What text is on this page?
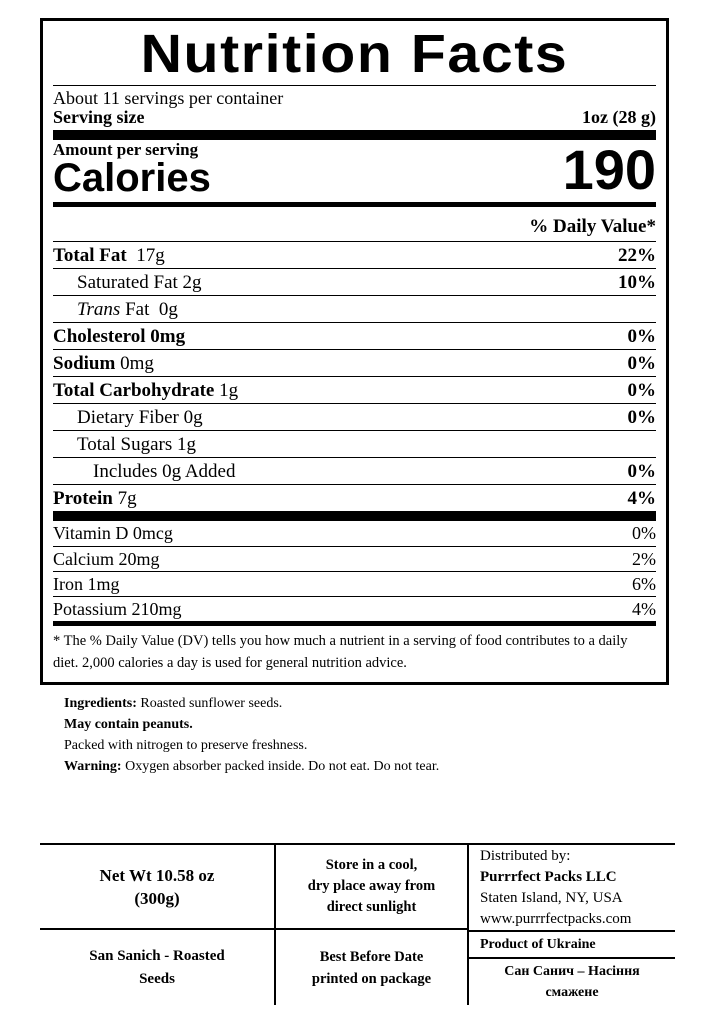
Nutrition Facts
About 11 servings per container
Serving size	1oz (28 g)
Amount per serving
Calories	190
% Daily Value*
Total Fat 17g	22%
Saturated Fat 2g	10%
Trans Fat  0g
Cholesterol 0mg	0%
Sodium 0mg	0%
Total Carbohydrate 1g	0%
Dietary Fiber 0g	0%
Total Sugars 1g
Includes 0g Added	0%
Protein 7g	4%
Vitamin D 0mcg	0%
Calcium 20mg	2%
Iron 1mg	6%
Potassium 210mg	4%
* The % Daily Value (DV) tells you how much a nutrient in a serving of food contributes to a daily diet. 2,000 calories a day is used for general nutrition advice.
Ingredients: Roasted sunflower seeds.
May contain peanuts.
Packed with nitrogen to preserve freshness.
Warning: Oxygen absorber packed inside. Do not eat. Do not tear.
Net Wt 10.58 oz
(300g)
Store in a cool,
dry place away from
direct sunlight
Distributed by:
Purrrfect Packs LLC
Staten Island, NY, USA
www.purrrfectpacks.com
San Sanich - Roasted
Seeds
Best Before Date
printed on package
Product of Ukraine
Сан Санич – Насіння
смажене
